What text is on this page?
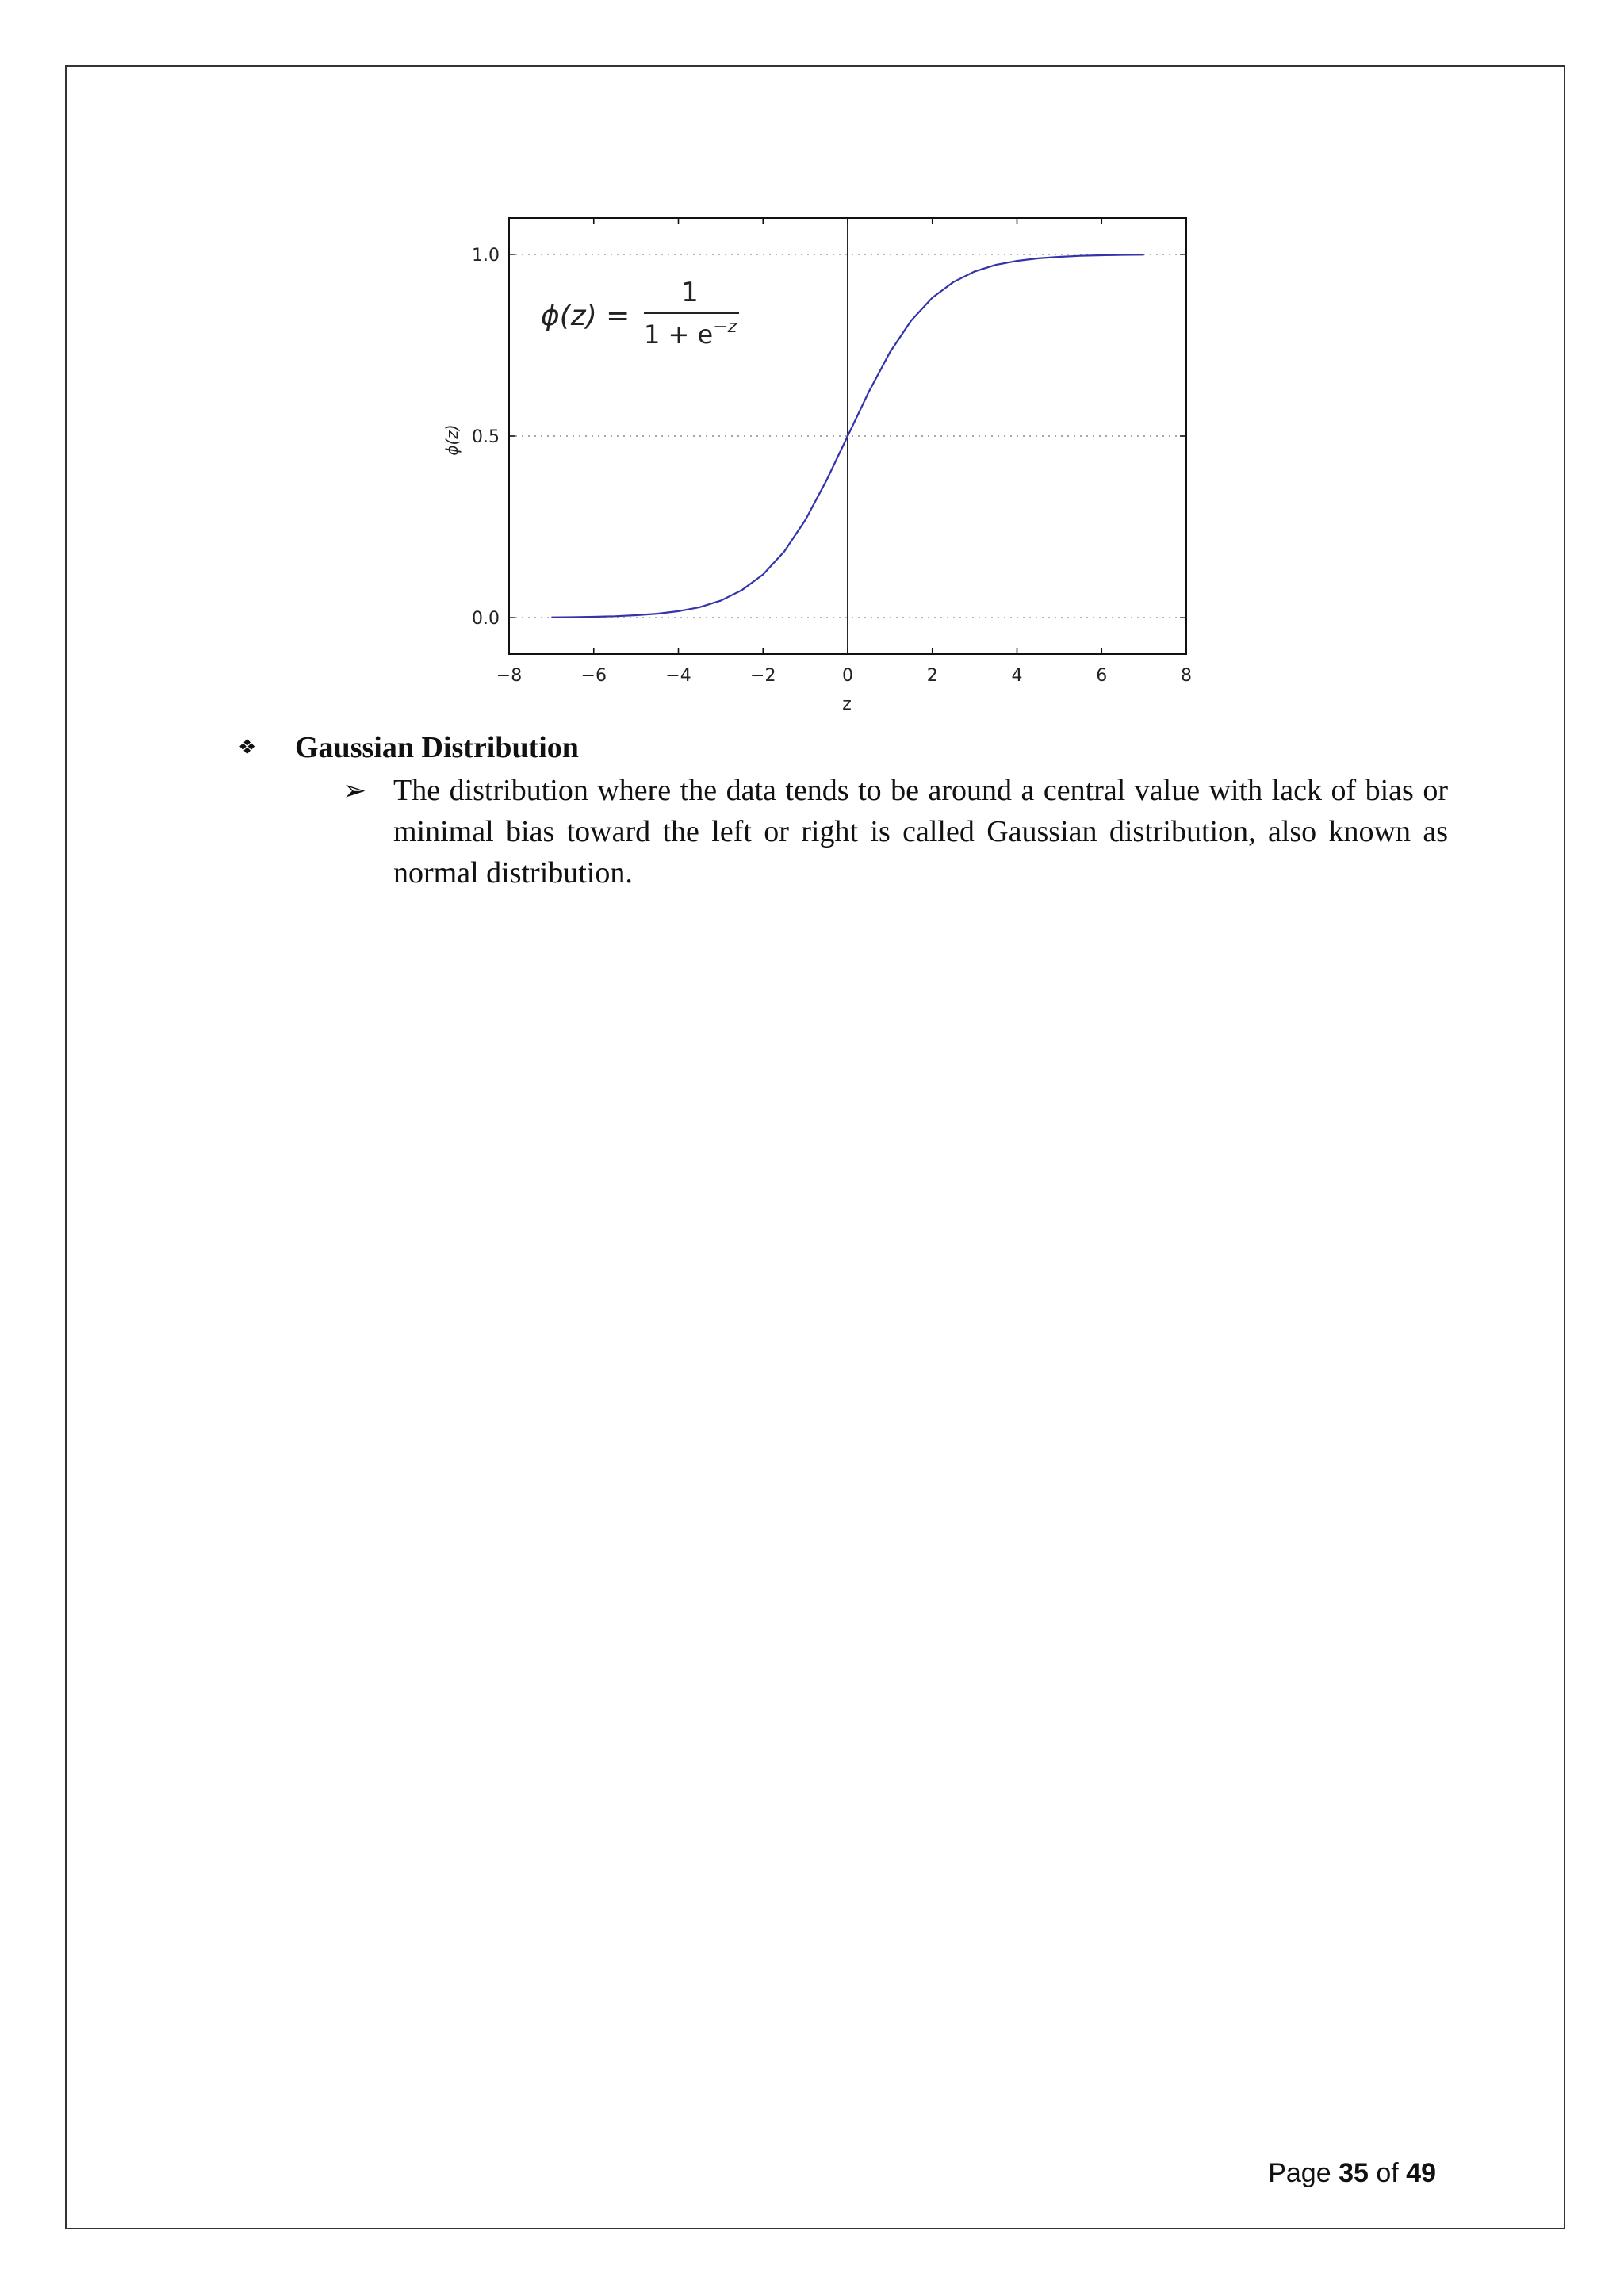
−8	−6	−4	−2	0	2	4	6	8
0.0
0.5
1.0
ϕ(z) =
1
$1 + e^{-z}$
ϕ(z)
z
❖	Gaussian Distribution
➢ The distribution where the data tends to be around a central value with lack of bias or minimal bias toward the left or right is called Gaussian distribution, also known as normal distribution.
Page 35 of 49
